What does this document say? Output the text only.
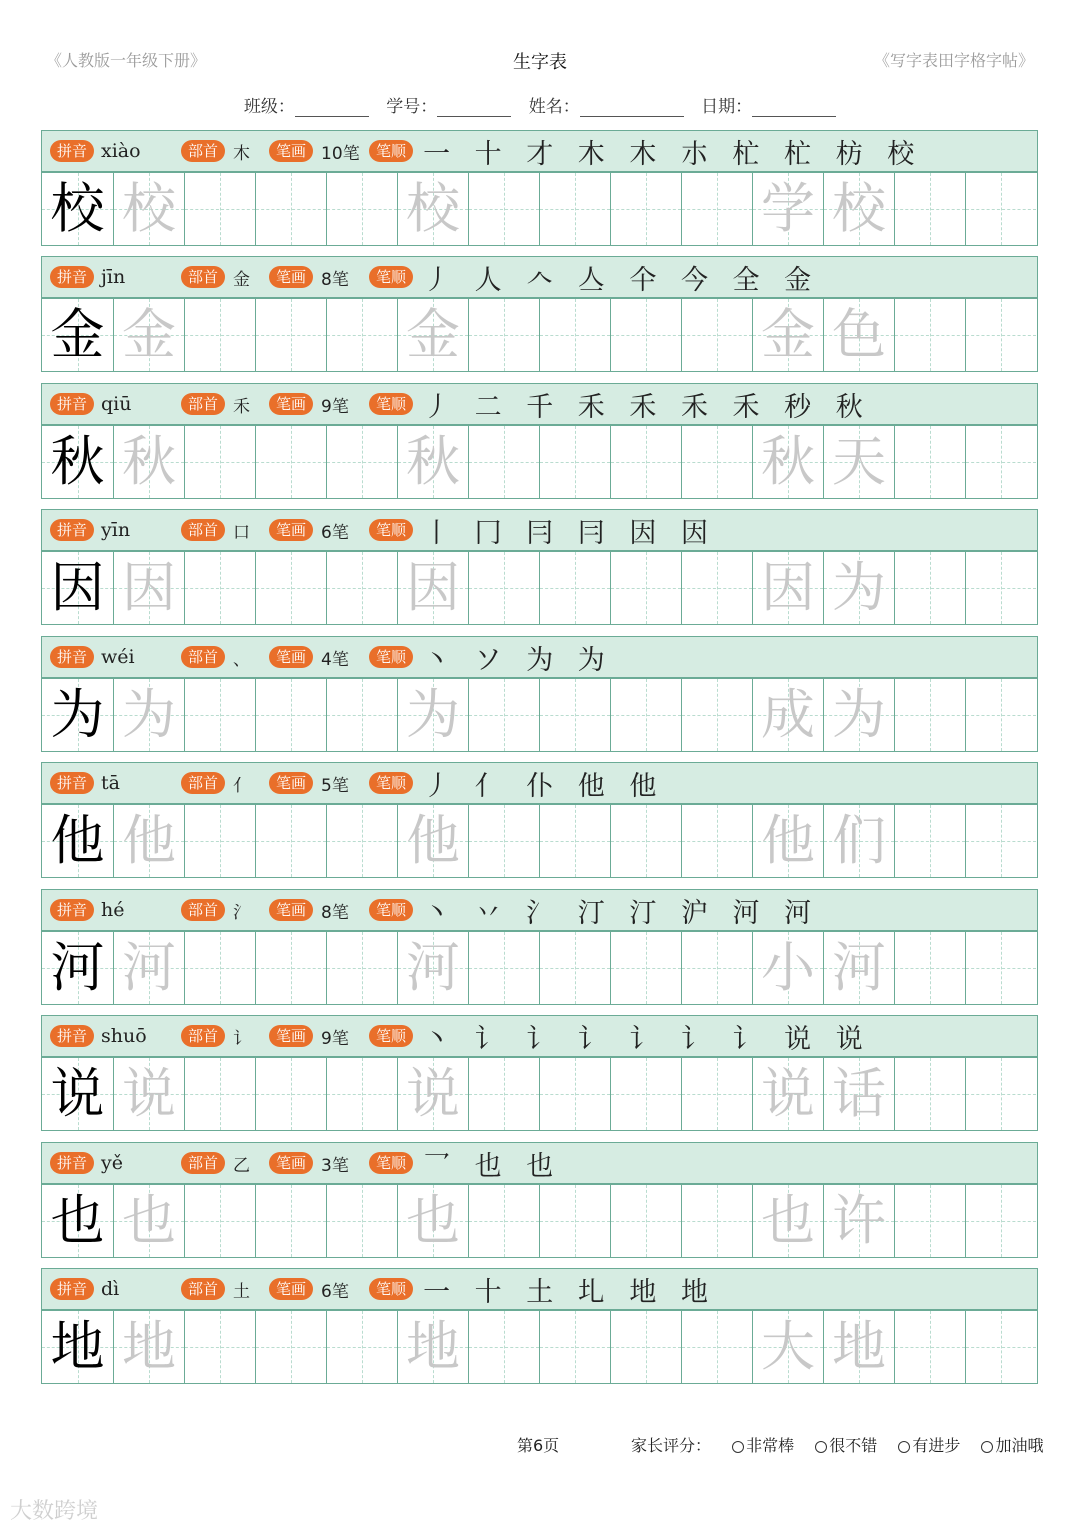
《人教版一年级下册》	生字表	《写字表田字格字帖》
班级：	学号：	姓名：	日期：
拼音 xiào	部首 木	笔画 10笔	笔顺 一 十 才 木 木 朩 杧 杧 枋 校
校 校	校	学 校
拼音 jīn	部首 金	笔画 8笔	笔顺 丿 人 𠆢 亼 仐 今 全 金
金 金	金	金 色
拼音 qiū	部首 禾	笔画 9笔	笔顺 丿 二 千 禾 禾 禾 禾 秒 秋
秋 秋	秋	秋 天
拼音 yīn	部首 口	笔画 6笔	笔顺 丨 冂 冃 冃 因 因
因 因	因	因 为
拼音 wéi	部首 、	笔画 4笔	笔顺 丶 ソ 为 为
为 为	为	成 为
拼音 tā	部首 亻	笔画 5笔	笔顺 丿 亻 仆 他 他
他 他	他	他 们
拼音 hé	部首 氵	笔画 8笔	笔顺 丶 丷 氵 汀 汀 沪 河 河
河 河	河	小 河
拼音 shuō	部首 讠	笔画 9笔	笔顺 丶 讠 讠 讠 讠 讠 讠 说 说
说 说	说	说 话
拼音 yě	部首 乙	笔画 3笔	笔顺 乛 也 也
也 也	也	也 许
拼音 dì	部首 土	笔画 6笔	笔顺 一 十 土 圠 地 地
地 地	地	大 地
第6页	家长评分： 非常棒 很不错 有进步 加油哦
大数跨境
